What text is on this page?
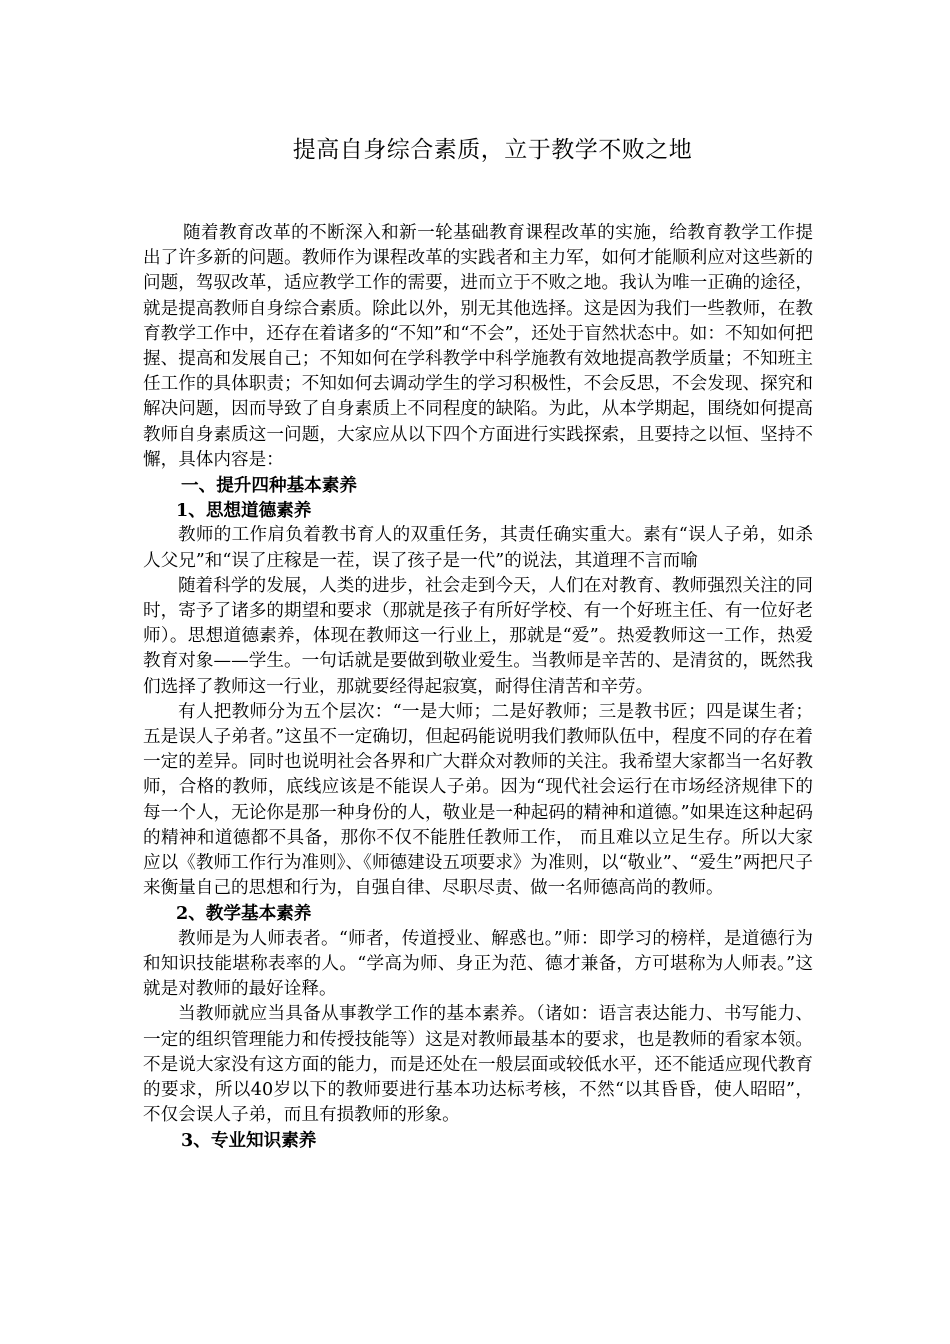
提高自身综合素质，立于教学不败之地

随着教育改革的不断深入和新一轮基础教育课程改革的实施，给教育教学工作提出了许多新的问题。教师作为课程改革的实践者和主力军，如何才能顺利应对这些新的问题，驾驭改革，适应教学工作的需要，进而立于不败之地。我认为唯一正确的途径，就是提高教师自身综合素质。除此以外，别无其他选择。这是因为我们一些教师，在教育教学工作中，还存在着诸多的“不知”和“不会”，还处于盲然状态中。如：不知如何把握、提高和发展自己；不知如何在学科教学中科学施教有效地提高教学质量；不知班主任工作的具体职责；不知如何去调动学生的学习积极性，不会反思，不会发现、探究和解决问题，因而导致了自身素质上不同程度的缺陷。为此，从本学期起，围绕如何提高教师自身素质这一问题，大家应从以下四个方面进行实践探索，且要持之以恒、坚持不懈，具体内容是：

一、提升四种基本素养
1、思想道德素养

教师的工作肩负着教书育人的双重任务，其责任确实重大。素有“误人子弟，如杀人父兄”和“误了庄稼是一茬，误了孩子是一代”的说法，其道理不言而喻

随着科学的发展，人类的进步，社会走到今天，人们在对教育、教师强烈关注的同时，寄予了诸多的期望和要求（那就是孩子有所好学校、有一个好班主任、有一位好老师）。思想道德素养，体现在教师这一行业上，那就是“爱”。热爱教师这一工作，热爱教育对象——学生。一句话就是要做到敬业爱生。当教师是辛苦的、是清贫的，既然我们选择了教师这一行业，那就要经得起寂寞，耐得住清苦和辛劳。

有人把教师分为五个层次：“一是大师；二是好教师；三是教书匠；四是谋生者；五是误人子弟者。”这虽不一定确切，但起码能说明我们教师队伍中，程度不同的存在着一定的差异。同时也说明社会各界和广大群众对教师的关注。我希望大家都当一名好教师，合格的教师，底线应该是不能误人子弟。因为“现代社会运行在市场经济规律下的每一个人，无论你是那一种身份的人，敬业是一种起码的精神和道德。”如果连这种起码的精神和道德都不具备，那你不仅不能胜任教师工作， 而且难以立足生存。所以大家应以《教师工作行为准则》、《师德建设五项要求》为准则，以“敬业”、“爱生”两把尺子来衡量自己的思想和行为，自强自律、尽职尽责、做一名师德高尚的教师。

2、教学基本素养

教师是为人师表者。“师者，传道授业、解惑也。”师：即学习的榜样，是道德行为和知识技能堪称表率的人。“学高为师、身正为范、德才兼备，方可堪称为人师表。”这就是对教师的最好诠释。

当教师就应当具备从事教学工作的基本素养。（诸如：语言表达能力、书写能力、一定的组织管理能力和传授技能等）这是对教师最基本的要求，也是教师的看家本领。不是说大家没有这方面的能力，而是还处在一般层面或较低水平，还不能适应现代教育的要求，所以40岁以下的教师要进行基本功达标考核，不然“以其昏昏，使人昭昭”，不仅会误人子弟，而且有损教师的形象。

3、专业知识素养
